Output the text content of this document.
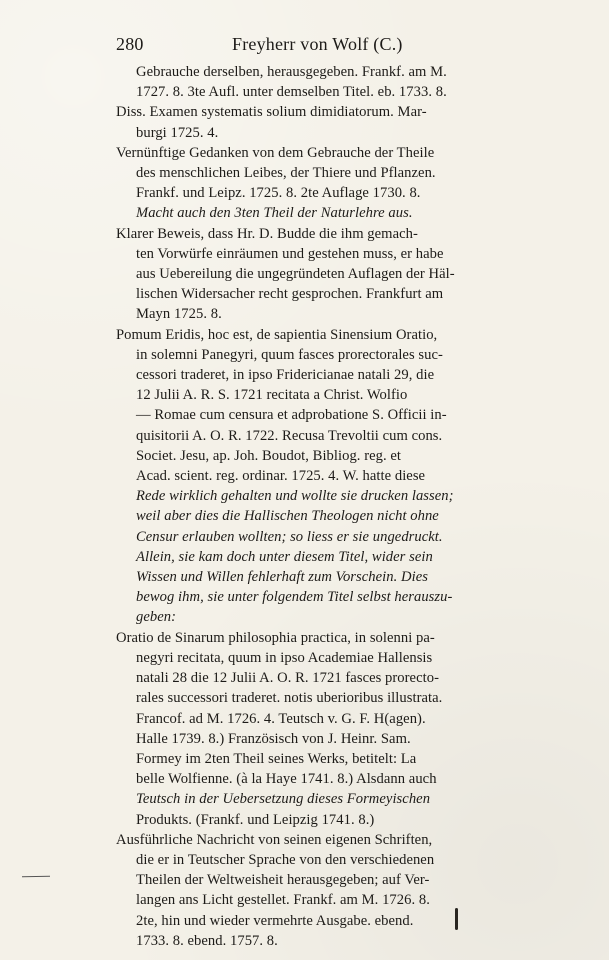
280	Freyherr von Wolf (C.)
Gebrauche derselben, herausgegeben. Frankf. am M.
1727. 8. 3te Aufl. unter demselben Titel. eb. 1733. 8.
Diss. Examen systematis solium dimidiatorum. Mar-
burgi 1725. 4.
Vernünftige Gedanken von dem Gebrauche der Theile
des menschlichen Leibes, der Thiere und Pflanzen.
Frankf. und Leipz. 1725. 8. 2te Auflage 1730. 8.
Macht auch den 3ten Theil der Naturlehre aus.
Klarer Beweis, dass Hr. D. Budde die ihm gemach-
ten Vorwürfe einräumen und gestehen muss, er habe
aus Uebereilung die ungegründeten Auflagen der Häl-
lischen Widersacher recht gesprochen. Frankfurt am
Mayn 1725. 8.
Pomum Eridis, hoc est, de sapientia Sinensium Oratio,
in solemni Panegyri, quum fasces prorectorales suc-
cessori traderet, in ipso Fridericianae natali 29, die
12 Julii A. R. S. 1721 recitata a Christ. Wolfio
— Romae cum censura et adprobatione S. Officii in-
quisitorii A. O. R. 1722. Recusa Trevoltii cum cons.
Societ. Jesu, ap. Joh. Boudot, Bibliog. reg. et
Acad. scient. reg. ordinar. 1725. 4. W. hatte diese
Rede wirklich gehalten und wollte sie drucken lassen;
weil aber dies die Hallischen Theologen nicht ohne
Censur erlauben wollten; so liess er sie ungedruckt.
Allein, sie kam doch unter diesem Titel, wider sein
Wissen und Willen fehlerhaft zum Vorschein. Dies
bewog ihm, sie unter folgendem Titel selbst herauszu-
geben:
Oratio de Sinarum philosophia practica, in solenni pa-
negyri recitata, quum in ipso Academiae Hallensis
natali 28 die 12 Julii A. O. R. 1721 fasces prorecto-
rales successori traderet. notis uberioribus illustrata.
Francof. ad M. 1726. 4. Teutsch v. G. F. H(agen).
Halle 1739. 8.) Französisch von J. Heinr. Sam.
Formey im 2ten Theil seines Werks, betitelt: La
belle Wolfienne. (à la Haye 1741. 8.) Alsdann auch
Teutsch in der Uebersetzung dieses Formeyischen
Produkts. (Frankf. und Leipzig 1741. 8.)
Ausführliche Nachricht von seinen eigenen Schriften,
die er in Teutscher Sprache von den verschiedenen
Theilen der Weltweisheit herausgegeben; auf Ver-
langen ans Licht gestellet. Frankf. am M. 1726. 8.
2te, hin und wieder vermehrte Ausgabe. ebend.
1733. 8. ebend. 1757. 8.
